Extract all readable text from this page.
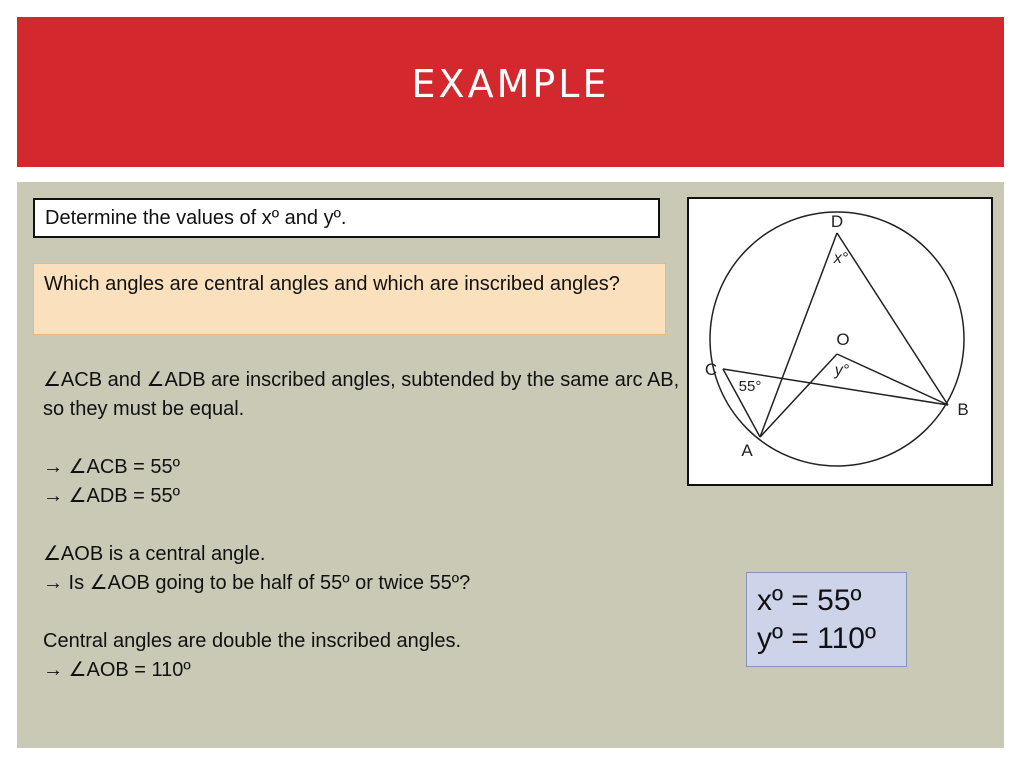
EXAMPLE
Determine the values of xº and yº.
Which angles are central angles and which are inscribed angles?

∠ACB and ∠ADB are inscribed angles, subtended by the same arc AB, so they must be equal.

→ ∠ACB = 55º

→ ∠ADB = 55º

∠AOB is a central angle.

→ Is ∠AOB going to be half of 55º or twice 55º?

Central angles are double the inscribed angles.

→ ∠AOB = 110º

D
O
C
B
A
x°
y°
55°
xº = 55º
yº = 110º
